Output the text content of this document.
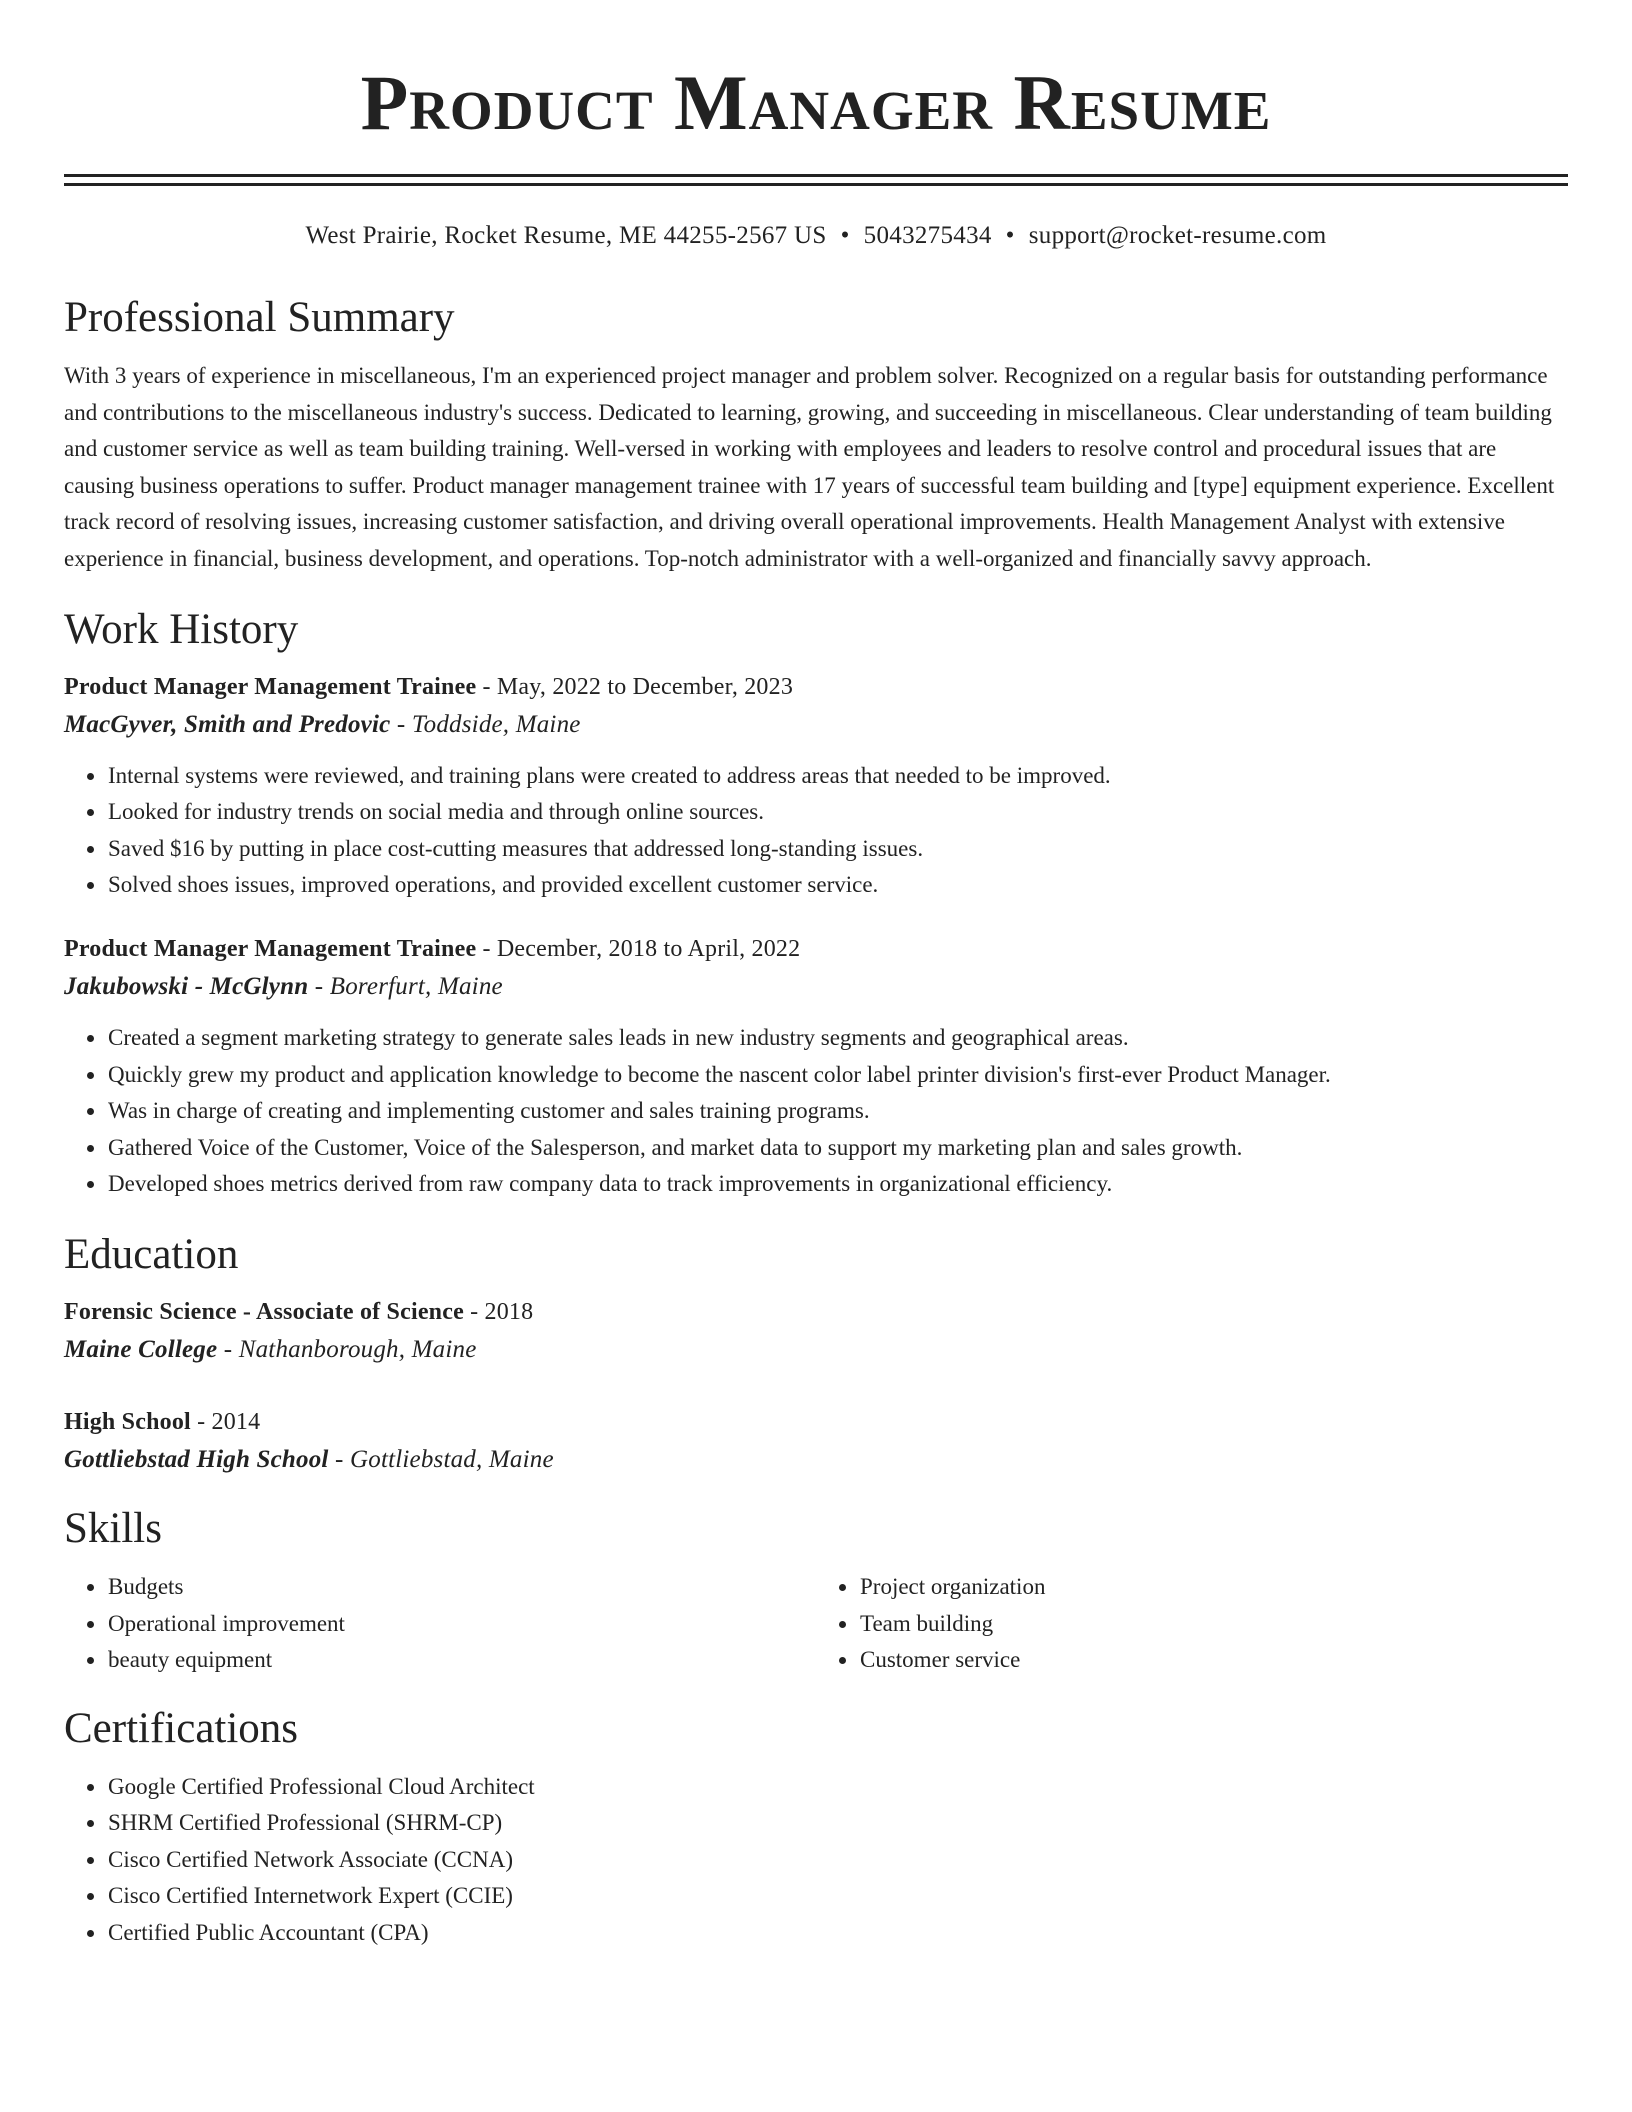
Product Manager Resume
West Prairie, Rocket Resume, ME 44255-2567 US • 5043275434 • support@rocket-resume.com
Professional Summary

With 3 years of experience in miscellaneous, I'm an experienced project manager and problem solver. Recognized on a regular basis for outstanding performance and contributions to the miscellaneous industry's success. Dedicated to learning, growing, and succeeding in miscellaneous. Clear understanding of team building and customer service as well as team building training. Well-versed in working with employees and leaders to resolve control and procedural issues that are causing business operations to suffer. Product manager management trainee with 17 years of successful team building and [type] equipment experience. Excellent track record of resolving issues, increasing customer satisfaction, and driving overall operational improvements. Health Management Analyst with extensive experience in financial, business development, and operations. Top-notch administrator with a well-organized and financially savvy approach.

Work History
Product Manager Management Trainee - May, 2022 to December, 2023
MacGyver, Smith and Predovic - Toddside, Maine
• Internal systems were reviewed, and training plans were created to address areas that needed to be improved.
• Looked for industry trends on social media and through online sources.
• Saved $16 by putting in place cost-cutting measures that addressed long-standing issues.
• Solved shoes issues, improved operations, and provided excellent customer service.
Product Manager Management Trainee - December, 2018 to April, 2022
Jakubowski - McGlynn - Borerfurt, Maine
• Created a segment marketing strategy to generate sales leads in new industry segments and geographical areas.
• Quickly grew my product and application knowledge to become the nascent color label printer division's first-ever Product Manager.
• Was in charge of creating and implementing customer and sales training programs.
• Gathered Voice of the Customer, Voice of the Salesperson, and market data to support my marketing plan and sales growth.
• Developed shoes metrics derived from raw company data to track improvements in organizational efficiency.
Education
Forensic Science - Associate of Science - 2018
Maine College - Nathanborough, Maine
High School - 2014
Gottliebstad High School - Gottliebstad, Maine
Skills
• Budgets
• Operational improvement
• beauty equipment
• Project organization
• Team building
• Customer service
Certifications
• Google Certified Professional Cloud Architect
• SHRM Certified Professional (SHRM-CP)
• Cisco Certified Network Associate (CCNA)
• Cisco Certified Internetwork Expert (CCIE)
• Certified Public Accountant (CPA)
